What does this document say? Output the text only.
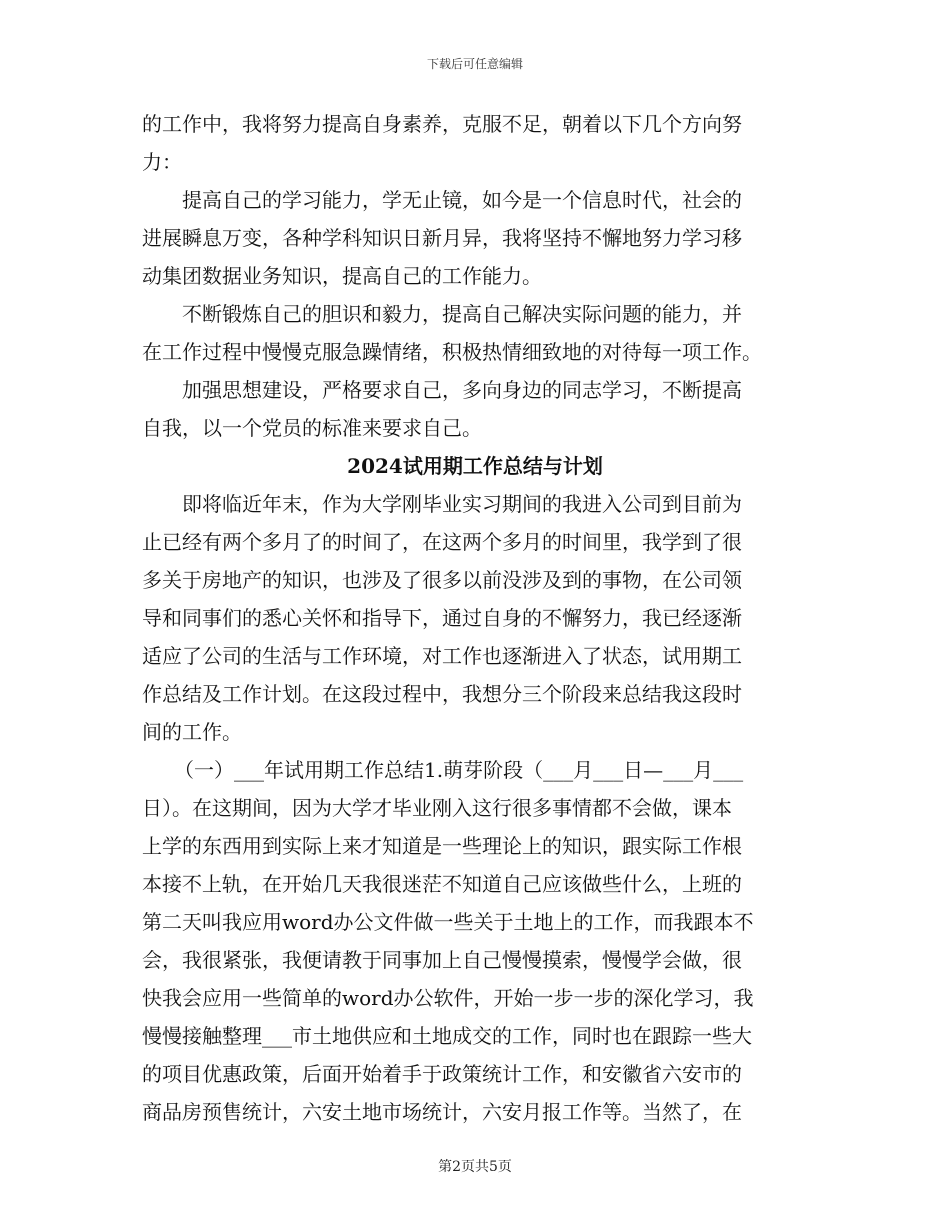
下载后可任意编辑
的工作中，我将努力提高自身素养，克服不足，朝着以下几个方向努
力：
提高自己的学习能力，学无止镜，如今是一个信息时代，社会的
进展瞬息万变，各种学科知识日新月异，我将坚持不懈地努力学习移
动集团数据业务知识，提高自己的工作能力。
不断锻炼自己的胆识和毅力，提高自己解决实际问题的能力，并
在工作过程中慢慢克服急躁情绪，积极热情细致地的对待每一项工作。
加强思想建设，严格要求自己，多向身边的同志学习，不断提高
自我，以一个党员的标准来要求自己。
2024试用期工作总结与计划
即将临近年末，作为大学刚毕业实习期间的我进入公司到目前为
止已经有两个多月了的时间了，在这两个多月的时间里，我学到了很
多关于房地产的知识，也涉及了很多以前没涉及到的事物，在公司领
导和同事们的悉心关怀和指导下，通过自身的不懈努力，我已经逐渐
适应了公司的生活与工作环境，对工作也逐渐进入了状态，试用期工
作总结及工作计划。在这段过程中，我想分三个阶段来总结我这段时
间的工作。
（一）___年试用期工作总结1.萌芽阶段（___月___日—___月___
日）。在这期间，因为大学才毕业刚入这行很多事情都不会做，课本
上学的东西用到实际上来才知道是一些理论上的知识，跟实际工作根
本接不上轨，在开始几天我很迷茫不知道自己应该做些什么，上班的
第二天叫我应用word办公文件做一些关于土地上的工作，而我跟本不
会，我很紧张，我便请教于同事加上自己慢慢摸索，慢慢学会做，很
快我会应用一些简单的word办公软件，开始一步一步的深化学习，我
慢慢接触整理___市土地供应和土地成交的工作，同时也在跟踪一些大
的项目优惠政策，后面开始着手于政策统计工作，和安徽省六安市的
商品房预售统计，六安土地市场统计，六安月报工作等。当然了，在
第2页共5页
